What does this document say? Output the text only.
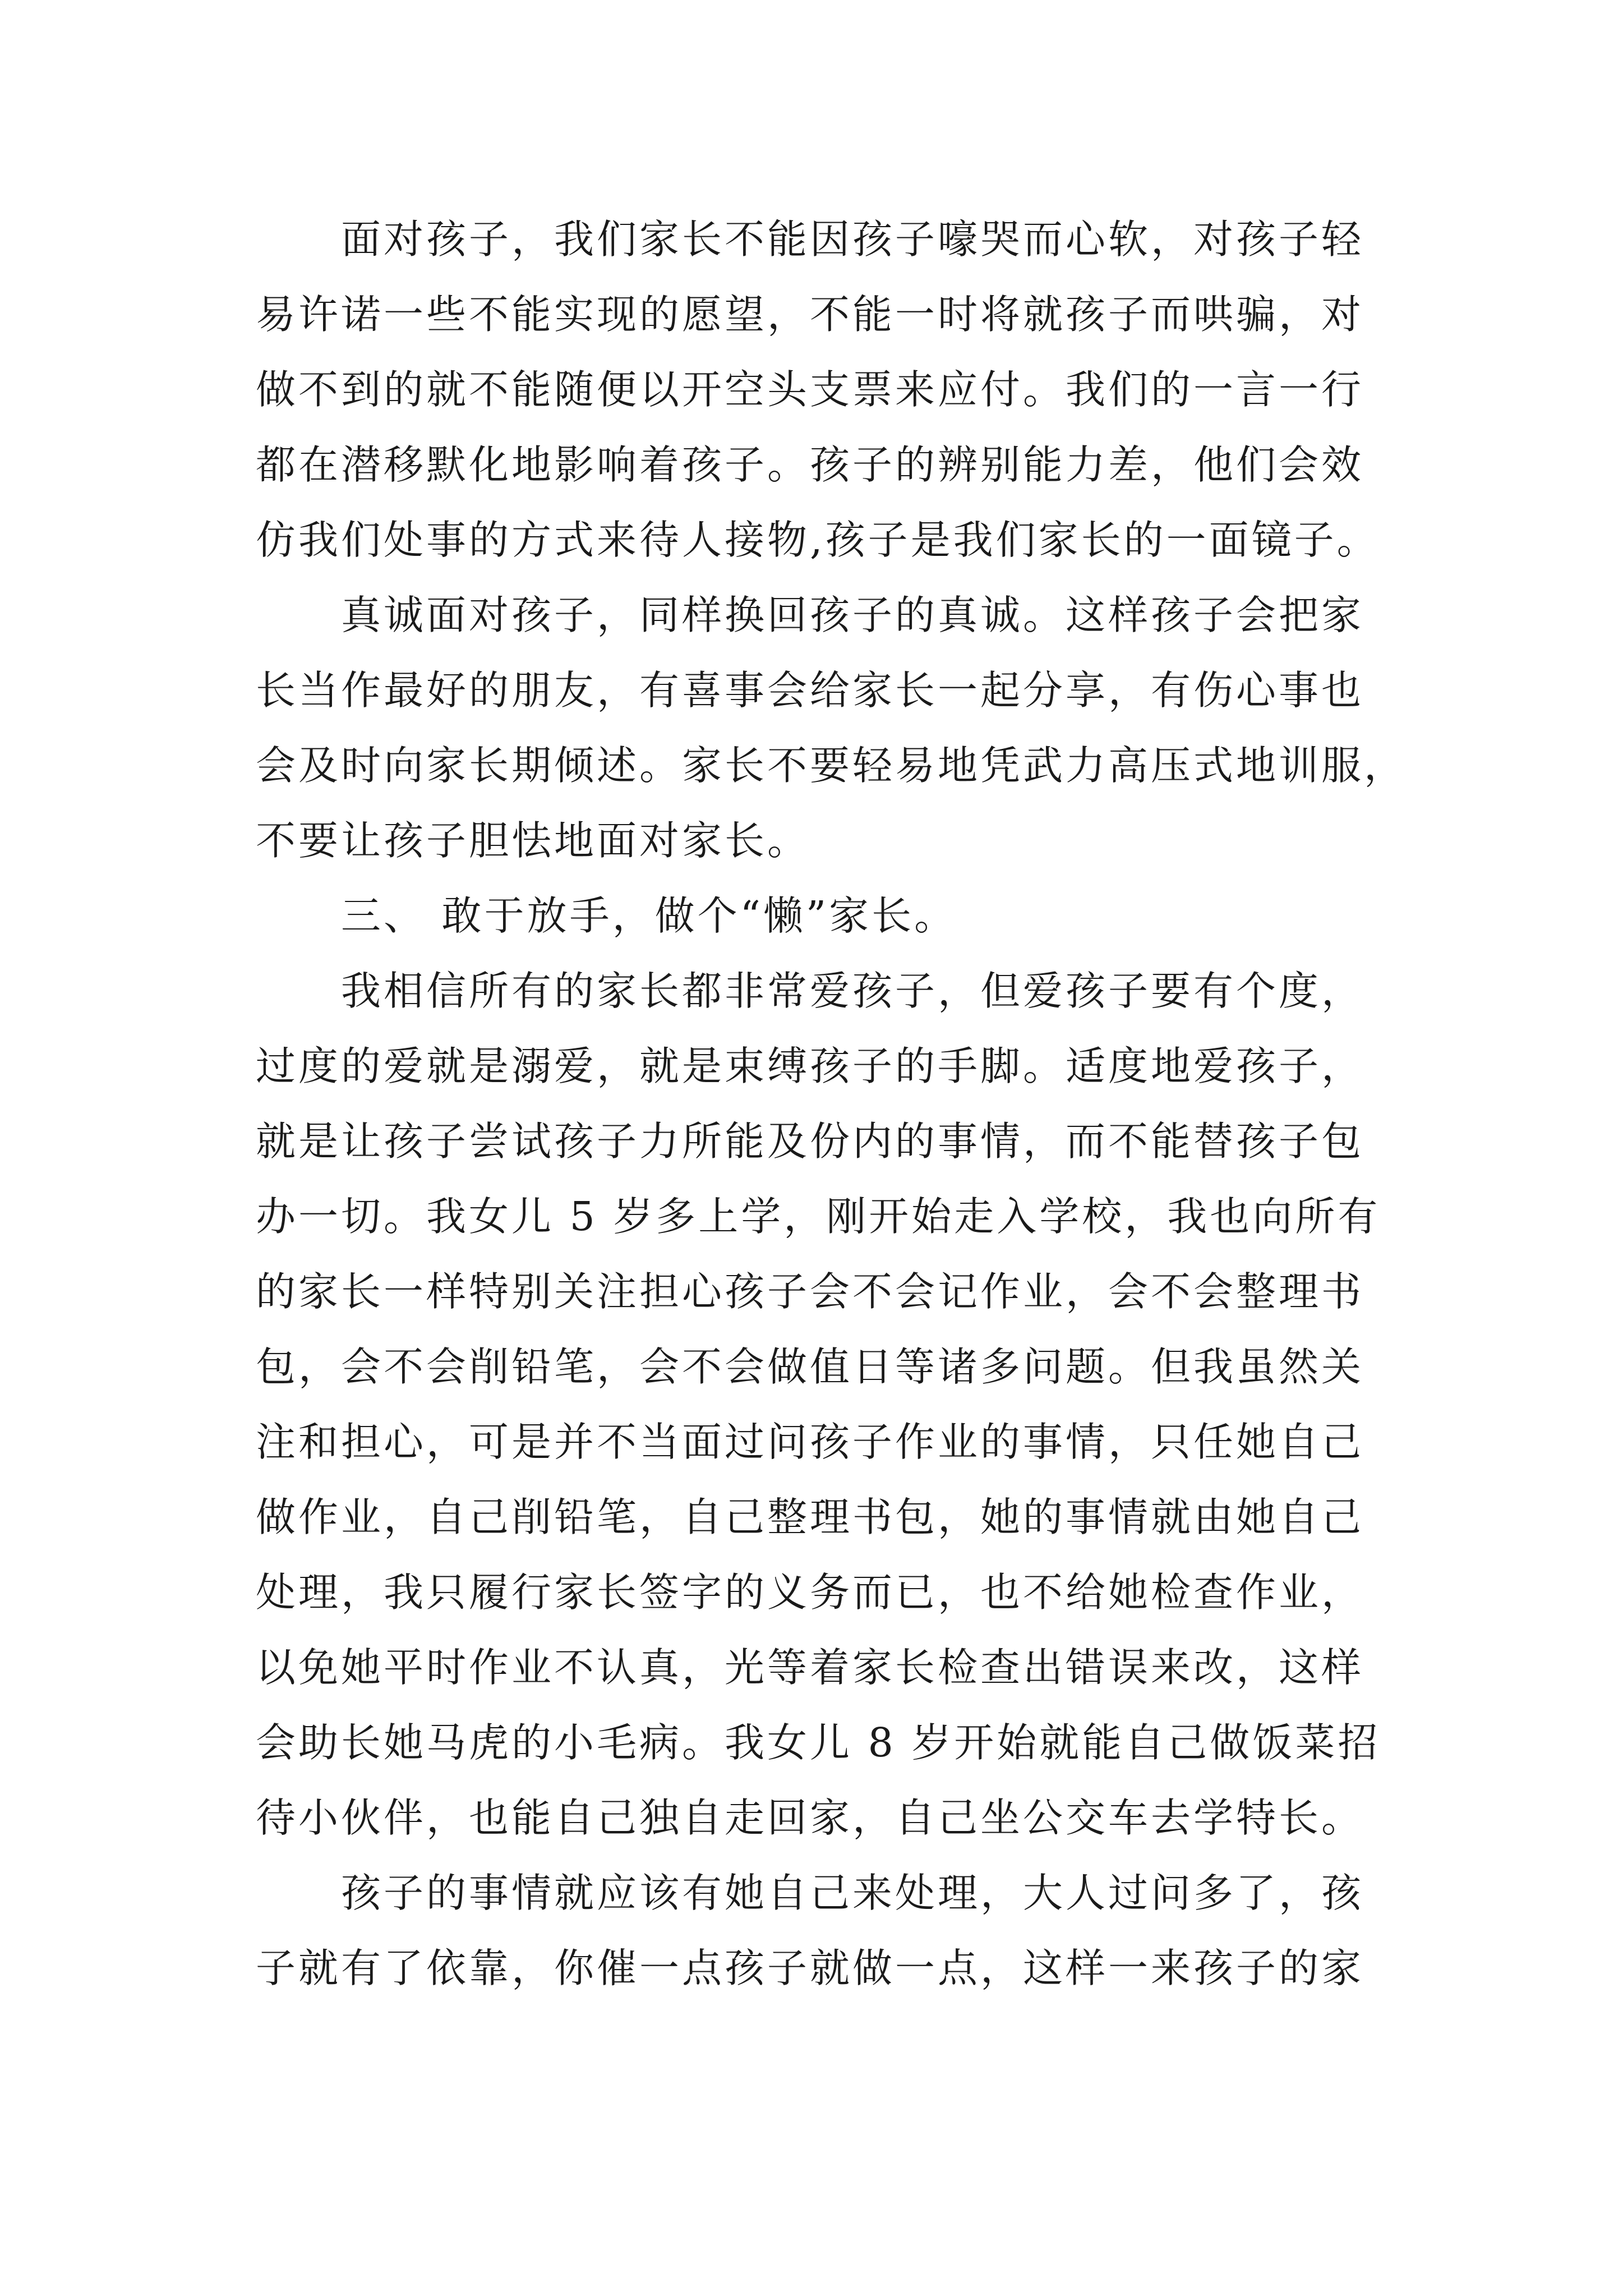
面对孩子，我们家长不能因孩子嚎哭而心软，对孩子轻
易许诺一些不能实现的愿望，不能一时将就孩子而哄骗，对
做不到的就不能随便以开空头支票来应付。我们的一言一行
都在潜移默化地影响着孩子。孩子的辨别能力差，他们会效
仿我们处事的方式来待人接物,孩子是我们家长的一面镜子。
真诚面对孩子，同样换回孩子的真诚。这样孩子会把家
长当作最好的朋友，有喜事会给家长一起分享，有伤心事也
会及时向家长期倾述。家长不要轻易地凭武力高压式地训服，
不要让孩子胆怯地面对家长。
三、 敢于放手，做个“懒”家长。
我相信所有的家长都非常爱孩子，但爱孩子要有个度，
过度的爱就是溺爱，就是束缚孩子的手脚。适度地爱孩子，
就是让孩子尝试孩子力所能及份内的事情，而不能替孩子包
办一切。我女儿 5 岁多上学，刚开始走入学校，我也向所有
的家长一样特别关注担心孩子会不会记作业，会不会整理书
包，会不会削铅笔，会不会做值日等诸多问题。但我虽然关
注和担心，可是并不当面过问孩子作业的事情，只任她自己
做作业，自己削铅笔，自己整理书包，她的事情就由她自己
处理，我只履行家长签字的义务而已，也不给她检查作业，
以免她平时作业不认真，光等着家长检查出错误来改，这样
会助长她马虎的小毛病。我女儿 8 岁开始就能自己做饭菜招
待小伙伴，也能自己独自走回家，自己坐公交车去学特长。
孩子的事情就应该有她自己来处理，大人过问多了，孩
子就有了依靠，你催一点孩子就做一点，这样一来孩子的家
